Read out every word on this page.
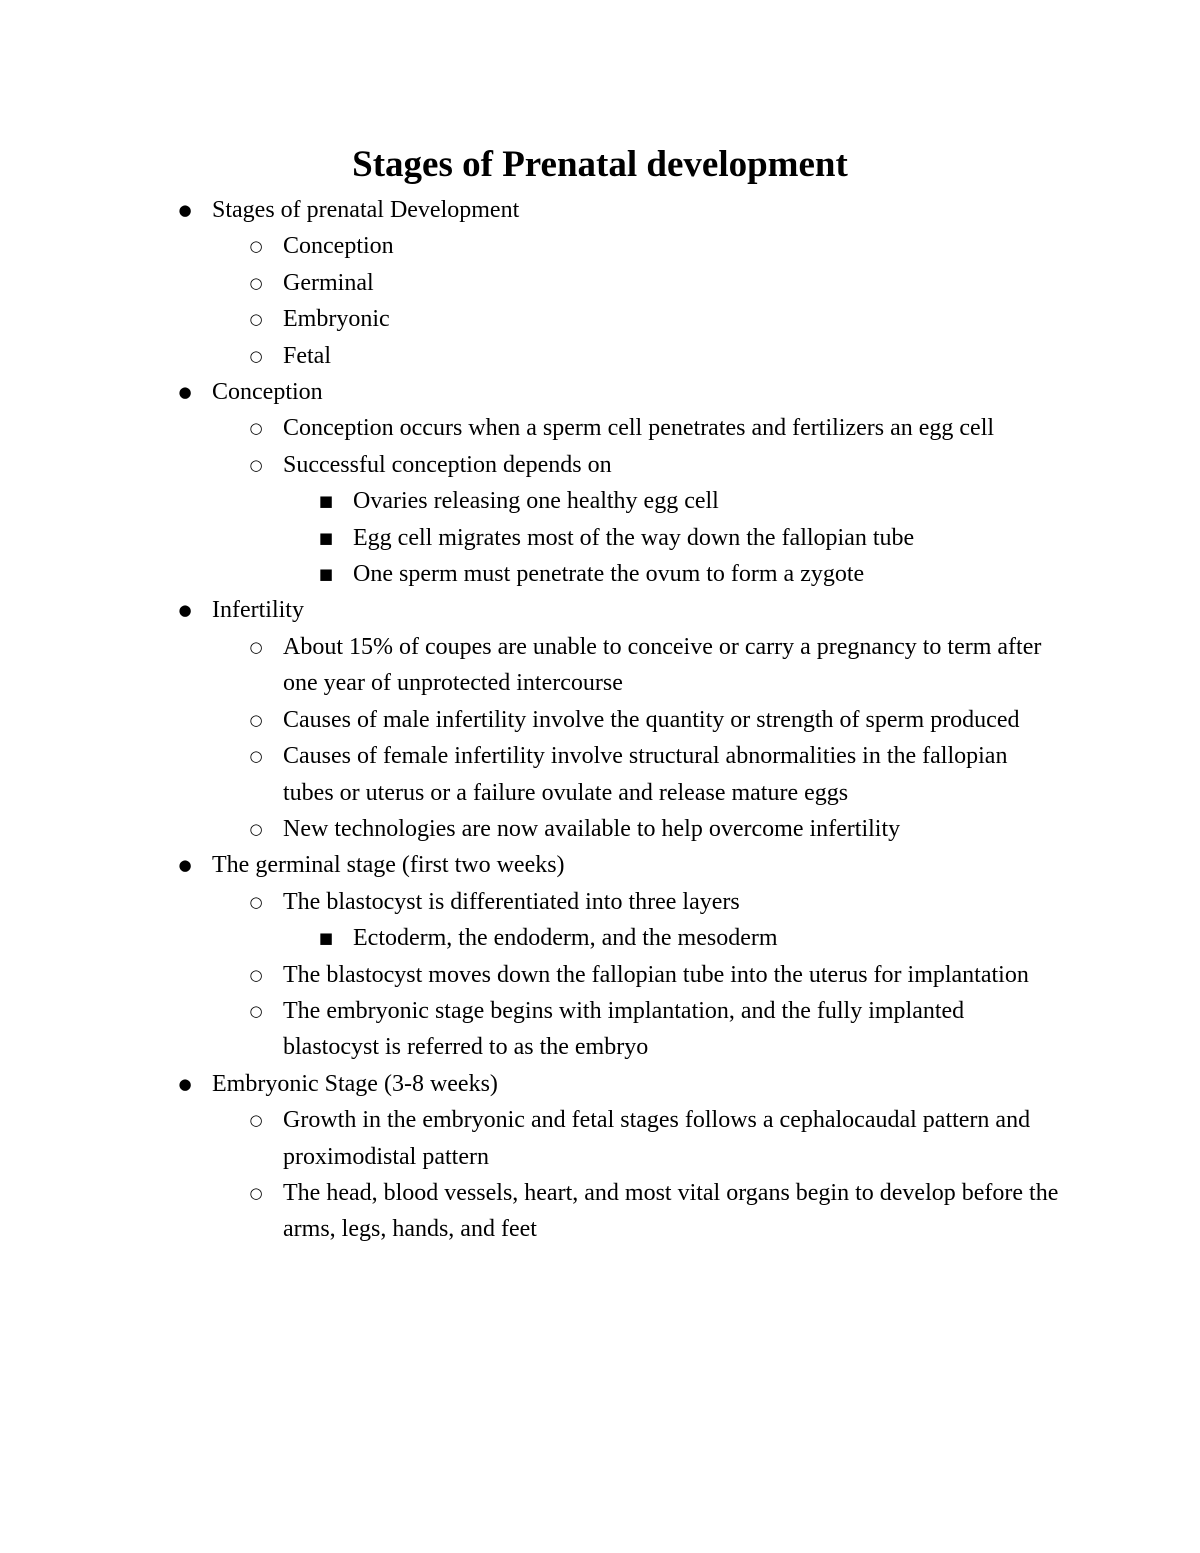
Stages of Prenatal development
● Stages of prenatal Development
○ Conception
○ Germinal
○ Embryonic
○ Fetal
● Conception
○ Conception occurs when a sperm cell penetrates and fertilizers an egg cell
○ Successful conception depends on
■ Ovaries releasing one healthy egg cell
■ Egg cell migrates most of the way down the fallopian tube
■ One sperm must penetrate the ovum to form a zygote
● Infertility
○ About 15% of coupes are unable to conceive or carry a pregnancy to term after one year of unprotected intercourse
○ Causes of male infertility involve the quantity or strength of sperm produced
○ Causes of female infertility involve structural abnormalities in the fallopian tubes or uterus or a failure ovulate and release mature eggs
○ New technologies are now available to help overcome infertility
● The germinal stage (first two weeks)
○ The blastocyst is differentiated into three layers
■ Ectoderm, the endoderm, and the mesoderm
○ The blastocyst moves down the fallopian tube into the uterus for implantation
○ The embryonic stage begins with implantation, and the fully implanted blastocyst is referred to as the embryo
● Embryonic Stage (3-8 weeks)
○ Growth in the embryonic and fetal stages follows a cephalocaudal pattern and proximodistal pattern
○ The head, blood vessels, heart, and most vital organs begin to develop before the arms, legs, hands, and feet
